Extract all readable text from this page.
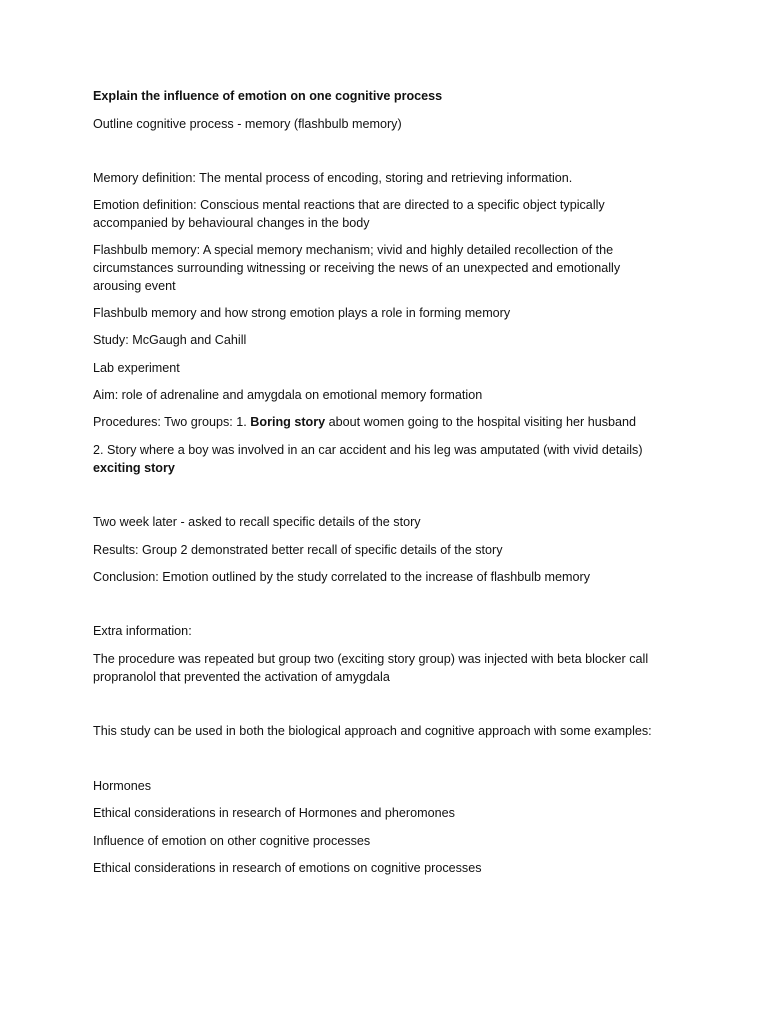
Explain the influence of emotion on one cognitive process
Outline cognitive process - memory (flashbulb memory)
Memory definition: The mental process of encoding, storing and retrieving information.
Emotion definition: Conscious mental reactions that are directed to a specific object typically
accompanied by behavioural changes in the body
Flashbulb memory: A special memory mechanism; vivid and highly detailed recollection of the
circumstances surrounding witnessing or receiving the news of an unexpected and emotionally
arousing event
Flashbulb memory and how strong emotion plays a role in forming memory
Study: McGaugh and Cahill
Lab experiment
Aim: role of adrenaline and amygdala on emotional memory formation
Procedures: Two groups: 1. Boring story about women going to the hospital visiting her husband
2. Story where a boy was involved in an car accident and his leg was amputated (with vivid details)
exciting story
Two week later - asked to recall specific details of the story
Results: Group 2 demonstrated better recall of specific details of the story
Conclusion: Emotion outlined by the study correlated to the increase of flashbulb memory
Extra information:
The procedure was repeated but group two (exciting story group) was injected with beta blocker call
propranolol that prevented the activation of amygdala
This study can be used in both the biological approach and cognitive approach with some examples:
Hormones
Ethical considerations in research of Hormones and pheromones
Influence of emotion on other cognitive processes
Ethical considerations in research of emotions on cognitive processes
